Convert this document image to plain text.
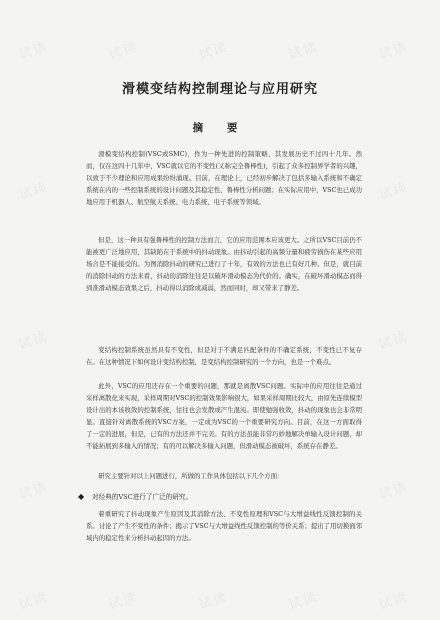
试读	试读	试读	试读	试读
试读	试读
试读	试读
试读	试读
试读	试读	试读	试读	试读
滑模变结构控制理论与应用研究
摘 要

滑模变结构控制(VSC或SMC)，作为一种先进的控制策略，其发展历史不过四十几年。然而，仅在这四十几年中，VSC就以它的不变性(又称完全鲁棒性)，引起了众多控制界学者的兴趣，以致于不少理论和应用成果纷纷涌现。目前，在理论上，已经初步解决了包括多输入系统和不确定系统在内的一些控制系统的设计问题及其稳定性、鲁棒性分析问题；在实际应用中，VSC也已成功地应用于机器人、航空航天系统、电力系统、电子系统等领域。

但是，这一种具有强鲁棒性的控制方法而言，它的应用范围本应该更大。之所以VSC目前仍不能被更广泛地应用，其缺陷在于系统中的抖动现象。由抖动引起的高频分量和疲劳损伤在某些应用场合是不能接受的。为图消除抖动的研究已进行了十年，有效的方法也已有好几种。但是，就目前的消除抖动的方法来看，抖动的消除往往是以破坏滑动模态为代价的。确实，在破坏滑动模态而得到准滑动模态效果之后，抖动得以消除或减弱，然而同时，却又带来了静差。

变结构控制系统虽然具有不变性，但是对于不满足匹配条件的不确定系统，不变性已不复存在。在这种情况下如何设计变结构控制，是变结构控制研究的一个方向，也是一个难点。

此外，VSC的应用还存在一个重要的问题，那就是离散VSC问题。实际中的应用往往是通过采样离散化来实现，采样周期对VSC的控制效果影响很大，如果采样周期比较大，由原先连续模型设计出的本该收敛的控制系统，往往也会发散或产生混沌。即使勉强收敛，抖动的现象也会非常明显。直接针对离散系统的VSC方案，一定成为VSC的一个重要研究方向。目前，在这一方面取得了一定的进展，但是，已有的方法还并不完美。有的方法虽能非常巧妙地解决单输入设计问题，却不能拓展到多输入的情况；有的可以解决多输入问题，但滑动模态被破坏，系统存在静差。

研究主要针对以上问题进行，所做的工作具体包括以下几个方面：

◆ 对经典的VSC进行了广泛的研究。

着重研究了抖动现象产生原因及其消除方法、不变性原理和VSC与大增益线性反馈控制的关系。讨论了产生不变性的条件；揭示了VSC与大增益线性反馈控制的等价关系；提出了用切换面邻域内的稳定性来分析抖动起因的方法。
